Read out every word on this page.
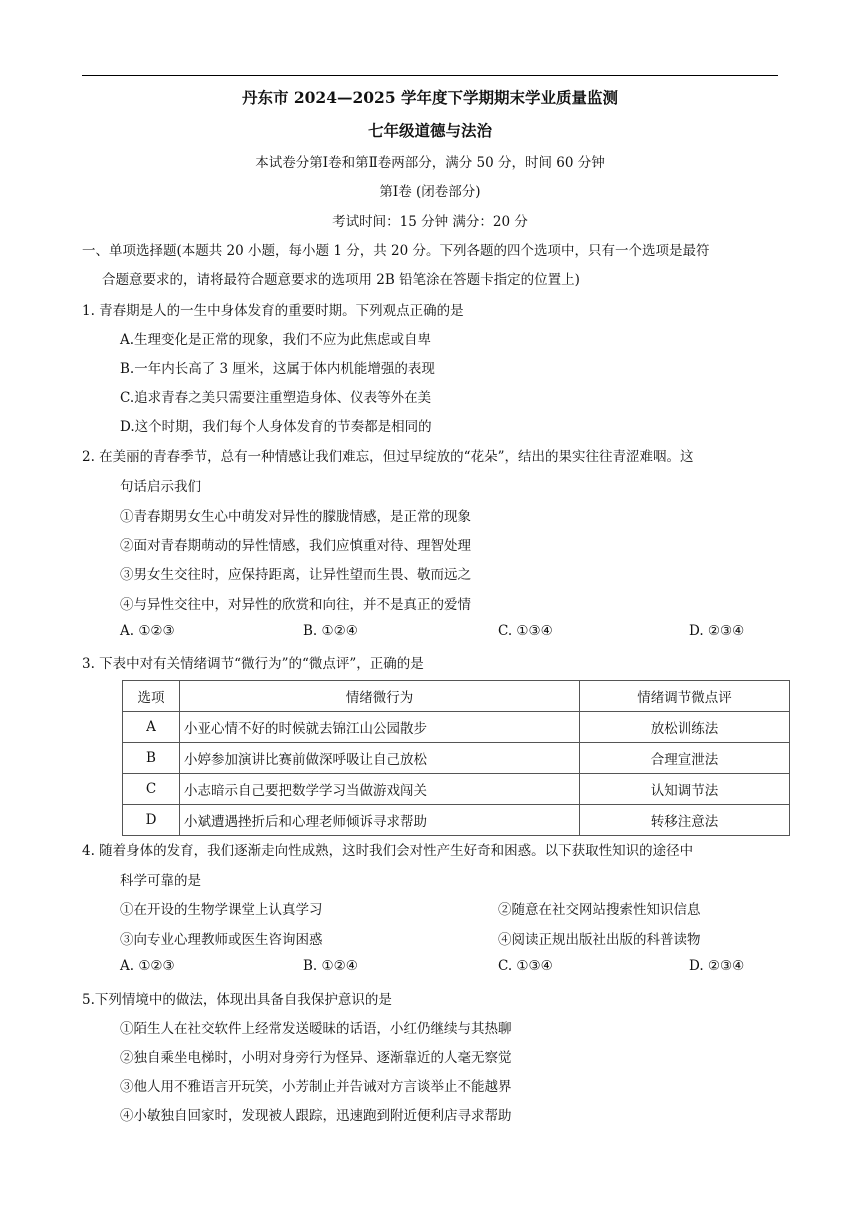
丹东市 2024—2025 学年度下学期期末学业质量监测
七年级道德与法治
本试卷分第Ⅰ卷和第Ⅱ卷两部分，满分 50 分，时间 60 分钟
第Ⅰ卷 (闭卷部分)
考试时间：15 分钟 满分：20 分
一、单项选择题(本题共 20 小题，每小题 1 分，共 20 分。下列各题的四个选项中，只有一个选项是最符
合题意要求的，请将最符合题意要求的选项用 2B 铅笔涂在答题卡指定的位置上)
1. 青春期是人的一生中身体发育的重要时期。下列观点正确的是
A.生理变化是正常的现象，我们不应为此焦虑或自卑
B.一年内长高了 3 厘米，这属于体内机能增强的表现
C.追求青春之美只需要注重塑造身体、仪表等外在美
D.这个时期，我们每个人身体发育的节奏都是相同的
2. 在美丽的青春季节，总有一种情感让我们难忘，但过早绽放的“花朵”，结出的果实往往青涩难咽。这
句话启示我们
①青春期男女生心中萌发对异性的朦胧情感，是正常的现象
②面对青春期萌动的异性情感，我们应慎重对待、理智处理
③男女生交往时，应保持距离，让异性望而生畏、敬而远之
④与异性交往中，对异性的欣赏和向往，并不是真正的爱情
A. ①②③	B. ①②④	C. ①③④	D. ②③④
3. 下表中对有关情绪调节“微行为”的“微点评”，正确的是
选项	情绪微行为	情绪调节微点评
A	小亚心情不好的时候就去锦江山公园散步	放松训练法
B	小婷参加演讲比赛前做深呼吸让自己放松	合理宣泄法
C	小志暗示自己要把数学学习当做游戏闯关	认知调节法
D	小斌遭遇挫折后和心理老师倾诉寻求帮助	转移注意法
4. 随着身体的发育，我们逐渐走向性成熟，这时我们会对性产生好奇和困惑。以下获取性知识的途径中
科学可靠的是
①在开设的生物学课堂上认真学习	②随意在社交网站搜索性知识信息
③向专业心理教师或医生咨询困惑	④阅读正规出版社出版的科普读物
A. ①②③	B. ①②④	C. ①③④	D. ②③④
5.下列情境中的做法，体现出具备自我保护意识的是
①陌生人在社交软件上经常发送暧昧的话语，小红仍继续与其热聊
②独自乘坐电梯时，小明对身旁行为怪异、逐渐靠近的人毫无察觉
③他人用不雅语言开玩笑，小芳制止并告诫对方言谈举止不能越界
④小敏独自回家时，发现被人跟踪，迅速跑到附近便利店寻求帮助
